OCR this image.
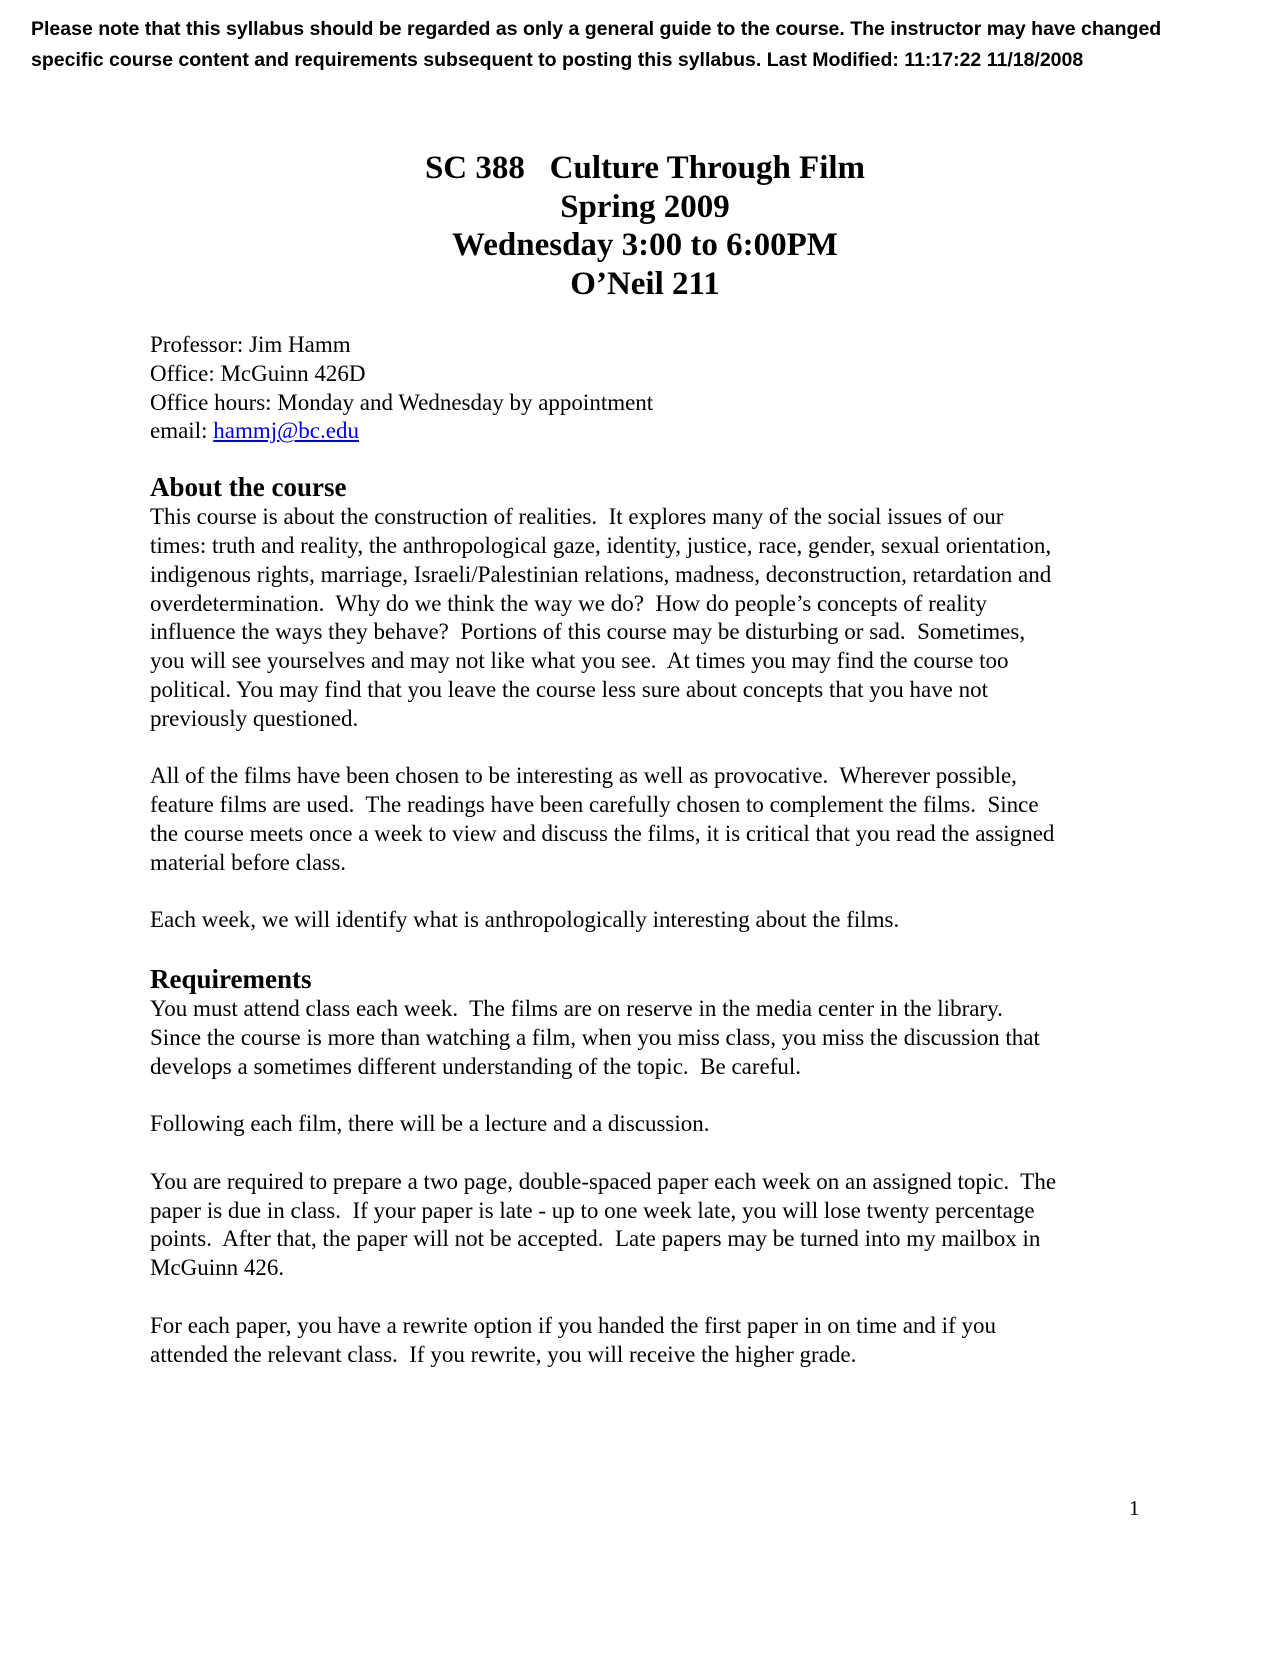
Please note that this syllabus should be regarded as only a general guide to the course. The instructor may have changed
specific course content and requirements subsequent to posting this syllabus. Last Modified: 11:17:22 11/18/2008
SC 388   Culture Through Film
Spring 2009
Wednesday 3:00 to 6:00PM
O’Neil 211
Professor: Jim Hamm
Office: McGuinn 426D
Office hours: Monday and Wednesday by appointment
email: hammj@bc.edu
About the course
This course is about the construction of realities.  It explores many of the social issues of our
times: truth and reality, the anthropological gaze, identity, justice, race, gender, sexual orientation,
indigenous rights, marriage, Israeli/Palestinian relations, madness, deconstruction, retardation and
overdetermination.  Why do we think the way we do?  How do people’s concepts of reality
influence the ways they behave?  Portions of this course may be disturbing or sad.  Sometimes,
you will see yourselves and may not like what you see.  At times you may find the course too
political. You may find that you leave the course less sure about concepts that you have not
previously questioned.
All of the films have been chosen to be interesting as well as provocative.  Wherever possible,
feature films are used.  The readings have been carefully chosen to complement the films.  Since
the course meets once a week to view and discuss the films, it is critical that you read the assigned
material before class.
Each week, we will identify what is anthropologically interesting about the films.
Requirements
You must attend class each week.  The films are on reserve in the media center in the library.
Since the course is more than watching a film, when you miss class, you miss the discussion that
develops a sometimes different understanding of the topic.  Be careful.
Following each film, there will be a lecture and a discussion.
You are required to prepare a two page, double-spaced paper each week on an assigned topic.  The
paper is due in class.  If your paper is late - up to one week late, you will lose twenty percentage
points.  After that, the paper will not be accepted.  Late papers may be turned into my mailbox in
McGuinn 426.
For each paper, you have a rewrite option if you handed the first paper in on time and if you
attended the relevant class.  If you rewrite, you will receive the higher grade.
1
